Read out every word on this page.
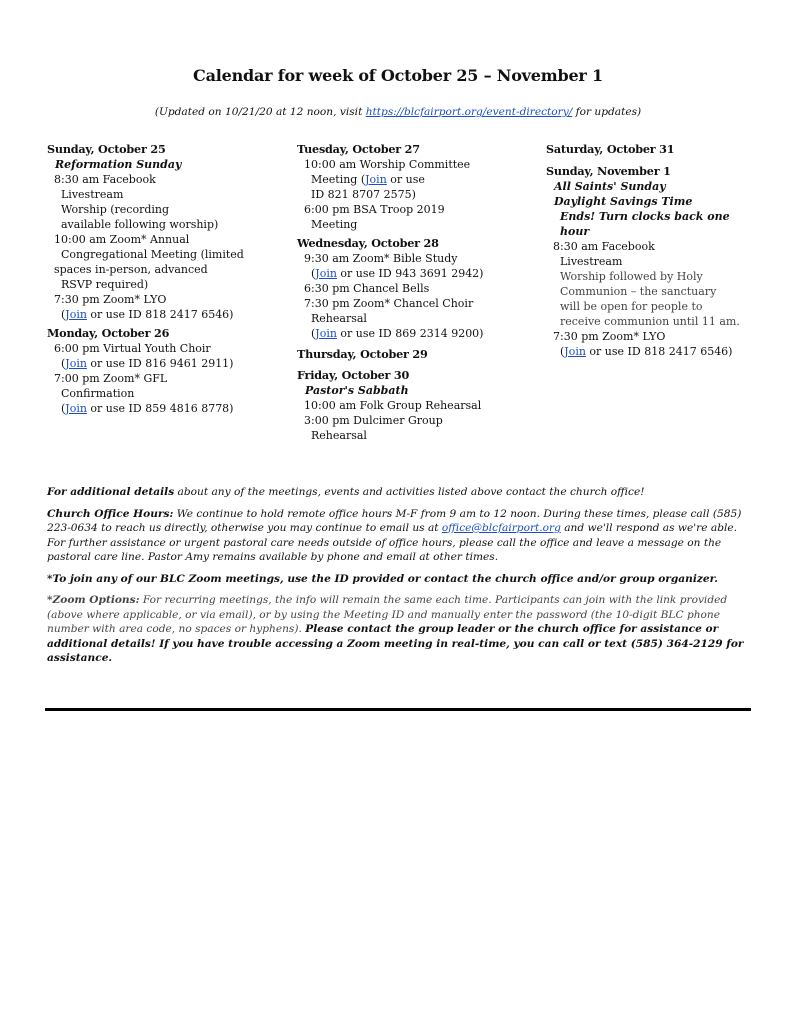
Calendar for week of October 25 – November 1
(Updated on 10/21/20 at 12 noon, visit https://blcfairport.org/event-directory/ for updates)
Sunday, October 25
Reformation Sunday
8:30 am Facebook
Livestream
Worship (recording
available following worship)
10:00 am Zoom* Annual
Congregational Meeting (limited
spaces in-person, advanced
RSVP required)
7:30 pm Zoom* LYO
(Join or use ID 818 2417 6546)
Monday, October 26
6:00 pm Virtual Youth Choir
(Join or use ID 816 9461 2911)
7:00 pm Zoom* GFL
Confirmation
(Join or use ID 859 4816 8778)
Tuesday, October 27
10:00 am Worship Committee
Meeting (Join or use
ID 821 8707 2575)
6:00 pm BSA Troop 2019
Meeting
Wednesday, October 28
9:30 am Zoom* Bible Study
(Join or use ID 943 3691 2942)
6:30 pm Chancel Bells
7:30 pm Zoom* Chancel Choir
Rehearsal
(Join or use ID 869 2314 9200)
Thursday, October 29
Friday, October 30
Pastor's Sabbath
10:00 am Folk Group Rehearsal
3:00 pm Dulcimer Group
Rehearsal
Saturday, October 31
Sunday, November 1
All Saints' Sunday
Daylight Savings Time
Ends! Turn clocks back one
hour
8:30 am Facebook
Livestream
Worship followed by Holy
Communion – the sanctuary
will be open for people to
receive communion until 11 am.
7:30 pm Zoom* LYO
(Join or use ID 818 2417 6546)

For additional details about any of the meetings, events and activities listed above contact the church office!

Church Office Hours: We continue to hold remote office hours M-F from 9 am to 12 noon. During these times, please call (585) 223-0634 to reach us directly, otherwise you may continue to email us at office@blcfairport.org and we'll respond as we're able. For further assistance or urgent pastoral care needs outside of office hours, please call the office and leave a message on the pastoral care line. Pastor Amy remains available by phone and email at other times.

*To join any of our BLC Zoom meetings, use the ID provided or contact the church office and/or group organizer.

*Zoom Options: For recurring meetings, the info will remain the same each time. Participants can join with the link provided (above where applicable, or via email), or by using the Meeting ID and manually enter the password (the 10-digit BLC phone number with area code, no spaces or hyphens). Please contact the group leader or the church office for assistance or additional details! If you have trouble accessing a Zoom meeting in real-time, you can call or text (585) 364-2129 for assistance.
